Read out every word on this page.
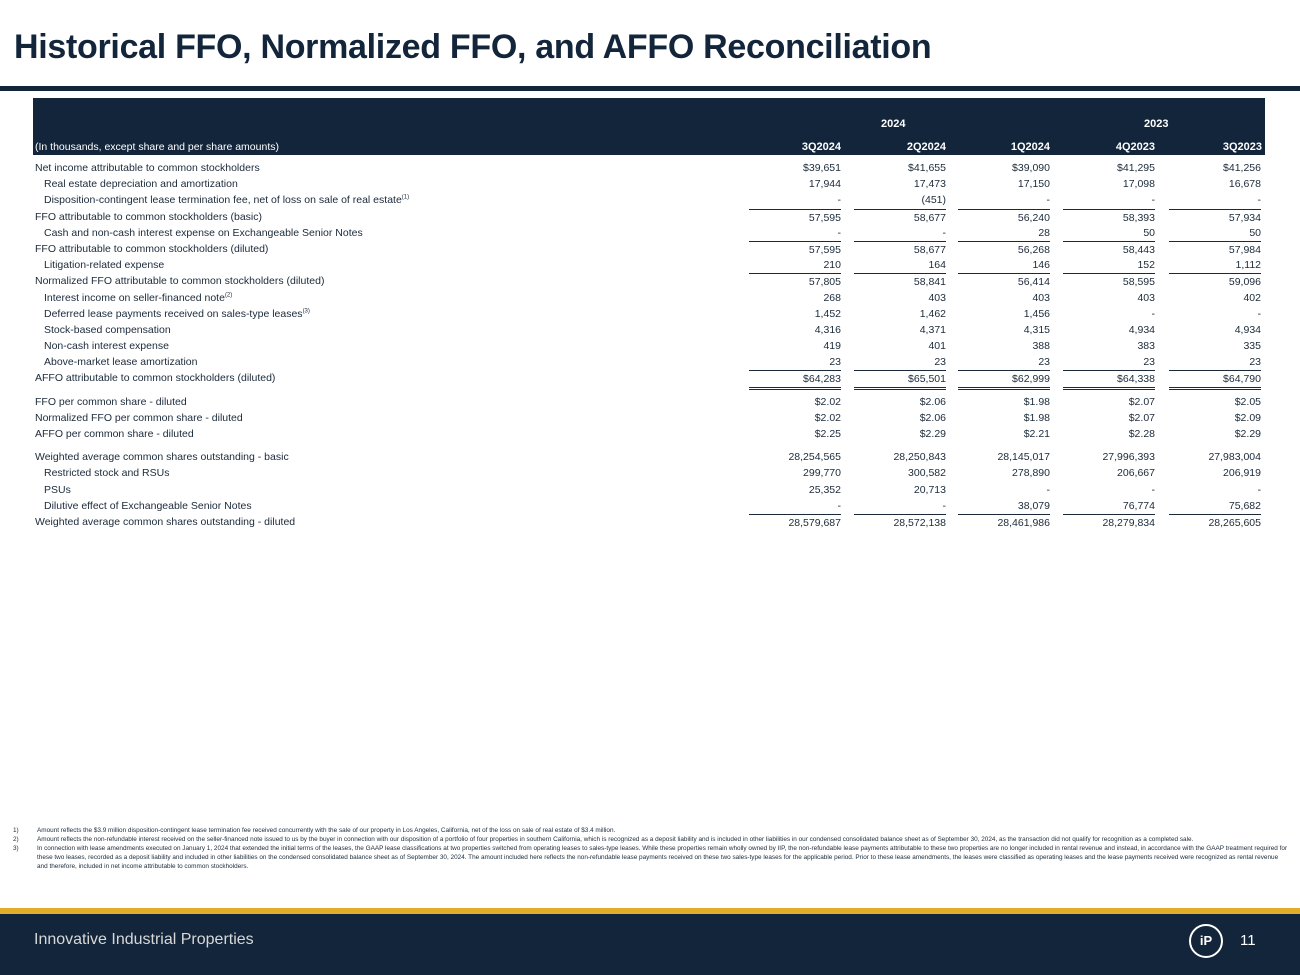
Historical FFO, Normalized FFO, and AFFO Reconciliation
2024	2023
(In thousands, except share and per share amounts)	3Q2024	2Q2024	1Q2024	4Q2023	3Q2023
Net income attributable to common stockholders	$39,651	$41,655	$39,090	$41,295	$41,256
Real estate depreciation and amortization	17,944	17,473	17,150	17,098	16,678
Disposition-contingent lease termination fee, net of loss on sale of real estate$^{(1)}$	-	(451)	-	-	-
FFO attributable to common stockholders (basic)	57,595	58,677	56,240	58,393	57,934
Cash and non-cash interest expense on Exchangeable Senior Notes	-	-	28	50	50
FFO attributable to common stockholders (diluted)	57,595	58,677	56,268	58,443	57,984
Litigation-related expense	210	164	146	152	1,112
Normalized FFO attributable to common stockholders (diluted)	57,805	58,841	56,414	58,595	59,096
Interest income on seller-financed note$^{(2)}$	268	403	403	403	402
Deferred lease payments received on sales-type leases$^{(3)}$	1,452	1,462	1,456	-	-
Stock-based compensation	4,316	4,371	4,315	4,934	4,934
Non-cash interest expense	419	401	388	383	335
Above-market lease amortization	23	23	23	23	23
AFFO attributable to common stockholders (diluted)	$64,283	$65,501	$62,999	$64,338	$64,790
FFO per common share - diluted	$2.02	$2.06	$1.98	$2.07	$2.05
Normalized FFO per common share - diluted	$2.02	$2.06	$1.98	$2.07	$2.09
AFFO per common share - diluted	$2.25	$2.29	$2.21	$2.28	$2.29
Weighted average common shares outstanding - basic	28,254,565	28,250,843	28,145,017	27,996,393	27,983,004
Restricted stock and RSUs	299,770	300,582	278,890	206,667	206,919
PSUs	25,352	20,713	-	-	-
Dilutive effect of Exchangeable Senior Notes	-	-	38,079	76,774	75,682
Weighted average common shares outstanding - diluted	28,579,687	28,572,138	28,461,986	28,279,834	28,265,605
1)	Amount reflects the $3.9 million disposition-contingent lease termination fee received concurrently with the sale of our property in Los Angeles, California, net of the loss on sale of real estate of $3.4 million.
2)	Amount reflects the non-refundable interest received on the seller-financed note issued to us by the buyer in connection with our disposition of a portfolio of four properties in southern California, which is recognized as a deposit liability and is included in other liabilities in our condensed consolidated balance sheet as of September 30, 2024, as the transaction did not qualify for recognition as a completed sale.
3)	In connection with lease amendments executed on January 1, 2024 that extended the initial terms of the leases, the GAAP lease classifications at two properties switched from operating leases to sales-type leases. While these properties remain wholly owned by IIP, the non-refundable lease payments attributable to these two properties are no longer included in rental revenue and instead, in accordance with the GAAP treatment required for these two leases, recorded as a deposit liability and included in other liabilities on the condensed consolidated balance sheet as of September 30, 2024. The amount included here reflects the non-refundable lease payments received on these two sales-type leases for the applicable period. Prior to these lease amendments, the leases were classified as operating leases and the lease payments received were recognized as rental revenue and therefore, included in net income attributable to common stockholders.
Innovative Industrial Properties	iP	11
